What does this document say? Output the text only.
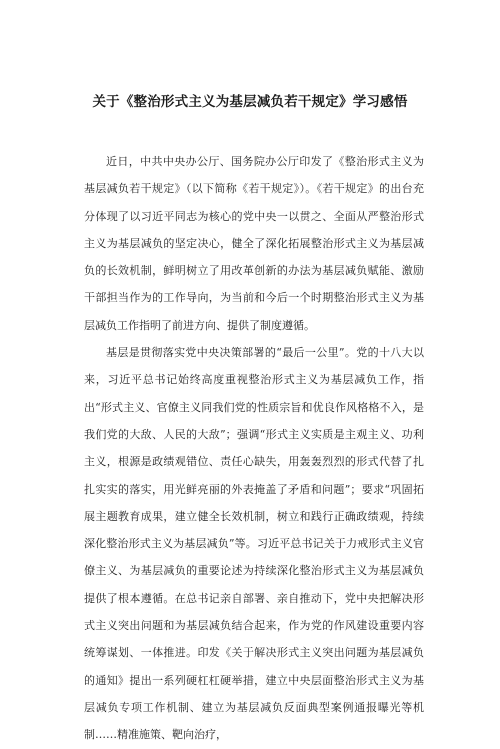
关于《整治形式主义为基层减负若干规定》学习感悟

近日，中共中央办公厅、国务院办公厅印发了《整治形式主义为基层减负若干规定》（以下简称《若干规定》）。《若干规定》的出台充分体现了以习近平同志为核心的党中央一以贯之、全面从严整治形式主义为基层减负的坚定决心，健全了深化拓展整治形式主义为基层减负的长效机制，鲜明树立了用改革创新的办法为基层减负赋能、激励干部担当作为的工作导向，为当前和今后一个时期整治形式主义为基层减负工作指明了前进方向、提供了制度遵循。

基层是贯彻落实党中央决策部署的“最后一公里”。党的十八大以来，习近平总书记始终高度重视整治形式主义为基层减负工作，指出“形式主义、官僚主义同我们党的性质宗旨和优良作风格格不入，是我们党的大敌、人民的大敌”；强调“形式主义实质是主观主义、功利主义，根源是政绩观错位、责任心缺失，用轰轰烈烈的形式代替了扎扎实实的落实，用光鲜亮丽的外表掩盖了矛盾和问题”；要求“巩固拓展主题教育成果，建立健全长效机制，树立和践行正确政绩观，持续深化整治形式主义为基层减负”等。习近平总书记关于力戒形式主义官僚主义、为基层减负的重要论述为持续深化整治形式主义为基层减负提供了根本遵循。在总书记亲自部署、亲自推动下，党中央把解决形式主义突出问题和为基层减负结合起来，作为党的作风建设重要内容统筹谋划、一体推进。印发《关于解决形式主义突出问题为基层减负的通知》提出一系列硬杠杠硬举措，建立中央层面整治形式主义为基层减负专项工作机制、建立为基层减负反面典型案例通报曝光等机制……精准施策、靶向治疗，
